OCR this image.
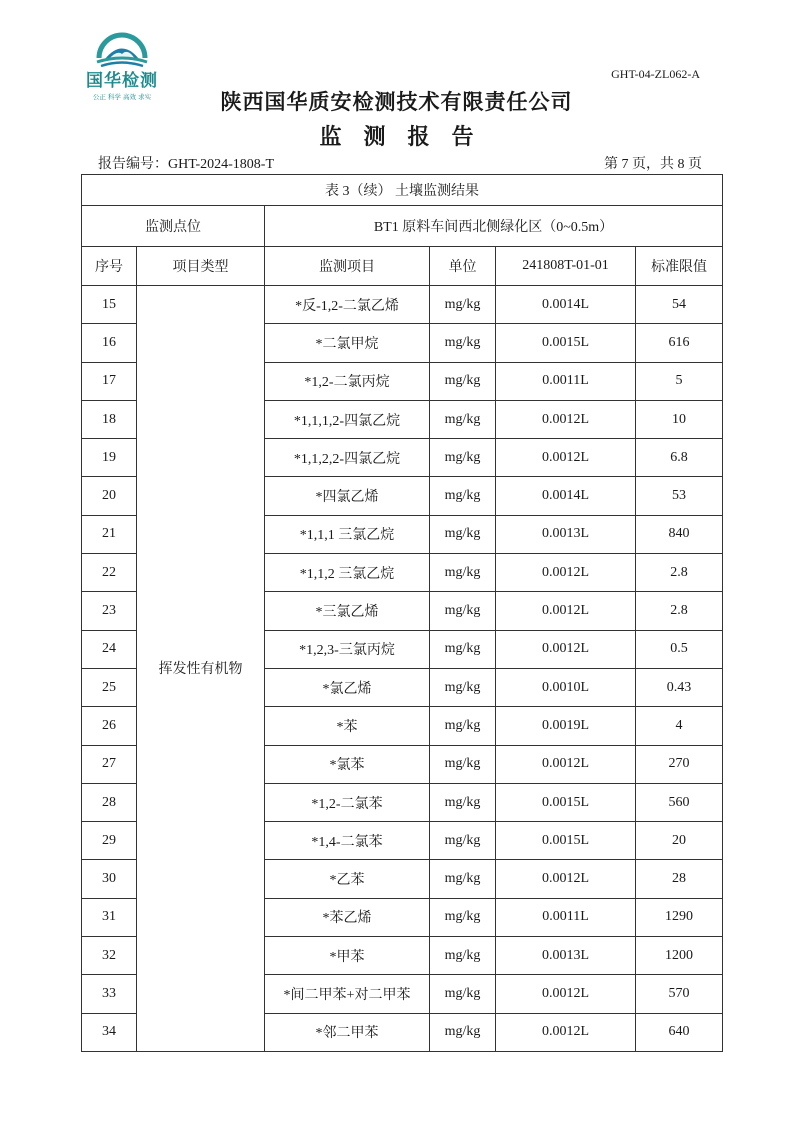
国华检测
公正 科学 高效 求实
GHT-04-ZL062-A
陕西国华质安检测技术有限责任公司
监测报告
报告编号：GHT-2024-1808-T	第 7 页，共 8 页
表 3（续） 土壤监测结果					
监测点位		BT1 原料车间西北侧绿化区（0~0.5m）			
序号	项目类型	监测项目	单位	241808T-01-01	标准限值
15	挥发性有机物	*反-1,2-二氯乙烯	mg/kg	0.0014L	54
16		*二氯甲烷	mg/kg	0.0015L	616
17		*1,2-二氯丙烷	mg/kg	0.0011L	5
18		*1,1,1,2-四氯乙烷	mg/kg	0.0012L	10
19		*1,1,2,2-四氯乙烷	mg/kg	0.0012L	6.8
20		*四氯乙烯	mg/kg	0.0014L	53
21		*1,1,1 三氯乙烷	mg/kg	0.0013L	840
22		*1,1,2 三氯乙烷	mg/kg	0.0012L	2.8
23		*三氯乙烯	mg/kg	0.0012L	2.8
24		*1,2,3-三氯丙烷	mg/kg	0.0012L	0.5
25		*氯乙烯	mg/kg	0.0010L	0.43
26		*苯	mg/kg	0.0019L	4
27		*氯苯	mg/kg	0.0012L	270
28		*1,2-二氯苯	mg/kg	0.0015L	560
29		*1,4-二氯苯	mg/kg	0.0015L	20
30		*乙苯	mg/kg	0.0012L	28
31		*苯乙烯	mg/kg	0.0011L	1290
32		*甲苯	mg/kg	0.0013L	1200
33		*间二甲苯+对二甲苯	mg/kg	0.0012L	570
34		*邻二甲苯	mg/kg	0.0012L	640
